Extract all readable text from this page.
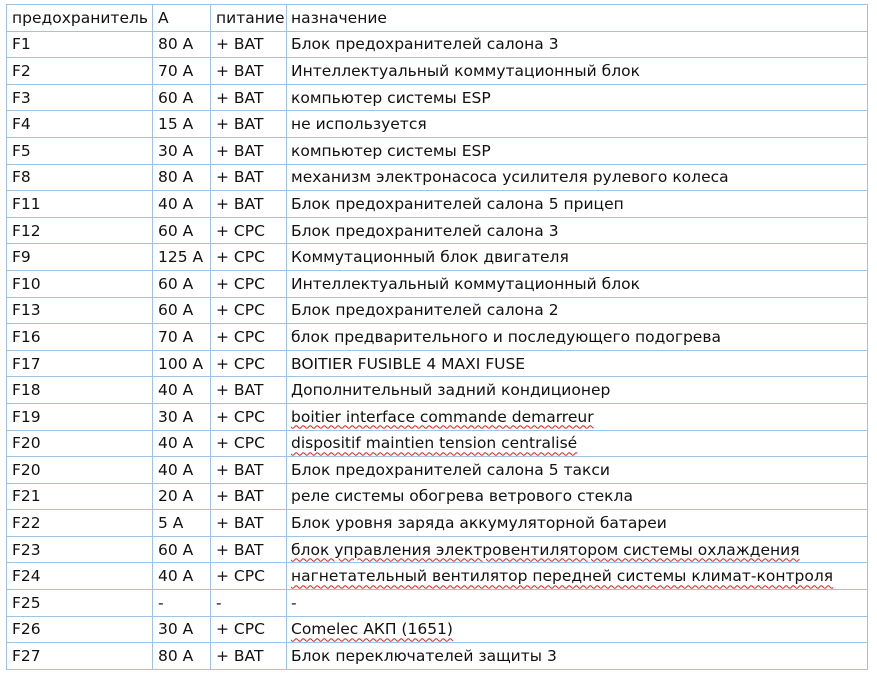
предохранитель	A	питание	назначение
F1	80 A	+ BAT	Блок предохранителей салона 3
F2	70 A	+ BAT	Интеллектуальный коммутационный блок
F3	60 A	+ BAT	компьютер системы ESP
F4	15 A	+ BAT	не используется
F5	30 A	+ BAT	компьютер системы ESP
F8	80 A	+ BAT	механизм электронасоса усилителя рулевого колеса
F11	40 A	+ BAT	Блок предохранителей салона 5 прицеп
F12	60 A	+ CPC	Блок предохранителей салона 3
F9	125 A	+ CPC	Коммутационный блок двигателя
F10	60 A	+ CPC	Интеллектуальный коммутационный блок
F13	60 A	+ CPC	Блок предохранителей салона 2
F16	70 A	+ CPC	блок предварительного и последующего подогрева
F17	100 A	+ CPC	BOITIER FUSIBLE 4 MAXI FUSE
F18	40 A	+ BAT	Дополнительный задний кондиционер
F19	30 A	+ CPC	boitier interface commande demarreur
F20	40 A	+ CPC	dispositif maintien tension centralisé
F20	40 A	+ BAT	Блок предохранителей салона 5 такси
F21	20 A	+ BAT	реле системы обогрева ветрового стекла
F22	5 A	+ BAT	Блок уровня заряда аккумуляторной батареи
F23	60 A	+ BAT	блок управления электровентилятором системы охлаждения
F24	40 A	+ CPC	нагнетательный вентилятор передней системы климат-контроля
F25	-	-	-
F26	30 A	+ CPC	Comelec АКП (1651)
F27	80 A	+ BAT	Блок переключателей защиты 3
